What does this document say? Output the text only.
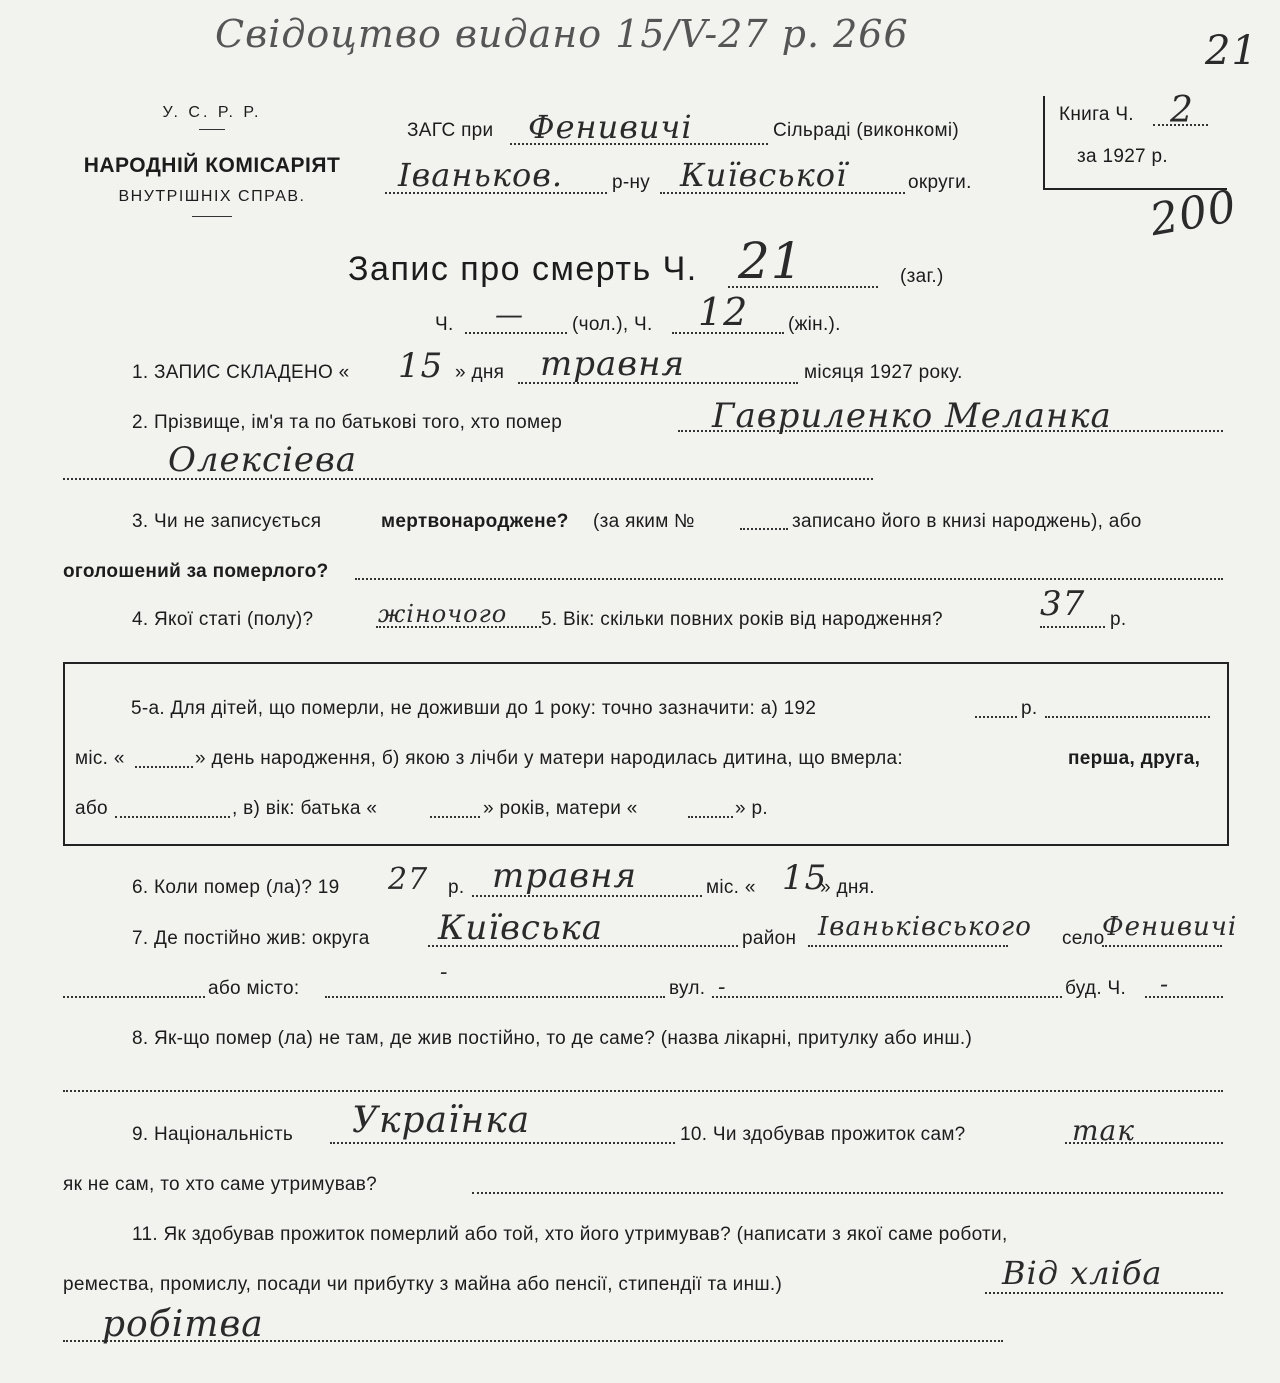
Свідоцтво видано 15/V-27 р. 266	21
200
У. С. Р. Р.
НАРОДНІЙ КОМІСАРІЯТ
ВНУТРІШНІХ СПРАВ.
ЗАГС при Фенивичі	Сільраді (виконкомі)
Іваньков.	р-ну Київської	округи.
Книга Ч. 2
за 1927 р.
Запис про смерть Ч. 21	(заг.)
Ч. —	(чол.), Ч. 12 (жін.).
1. ЗАПИС СКЛАДЕНО « 15 » дня травня	місяця 1927 року.
2. Прізвище, ім'я та по батькові того, хто помер	Гавриленко Меланка
Олексіева
3. Чи не записується	мертвонароджене? (за яким №	записано його в книзі народжень), або
оголошений за померлого?
4. Якої статі (полу)?	жіночого 5. Вік: скільки повних років від народження?	37 р.
5-а. Для дітей, що померли, не доживши до 1 року: точно зазначити: а) 192	р.
міс. «	» день народження, б) якою з лічби у матери народилась дитина, що вмерла:	перша, друга,
або	, в) вік: батька «	» років, матери «	» р.
6. Коли помер (ла)? 19 27 р. травня	міс. « 15
» дня.
7. Де постійно жив: округа Київська	район Іваньківського село
Фенивичі
або місто:
-
вул. -	буд. Ч. -
8. Як-що помер (ла) не там, де жив постійно, то де саме? (назва лікарні, притулку або инш.)
9. Національність Українка	10. Чи здобував прожиток сам?	так
як не сам, то хто саме утримував?
11. Як здобував прожиток померлий або той, хто його утримував? (написати з якої саме роботи,
ремества, промислу, посади чи прибутку з майна або пенсії, стипендії та инш.)	Від хліба
робітва
